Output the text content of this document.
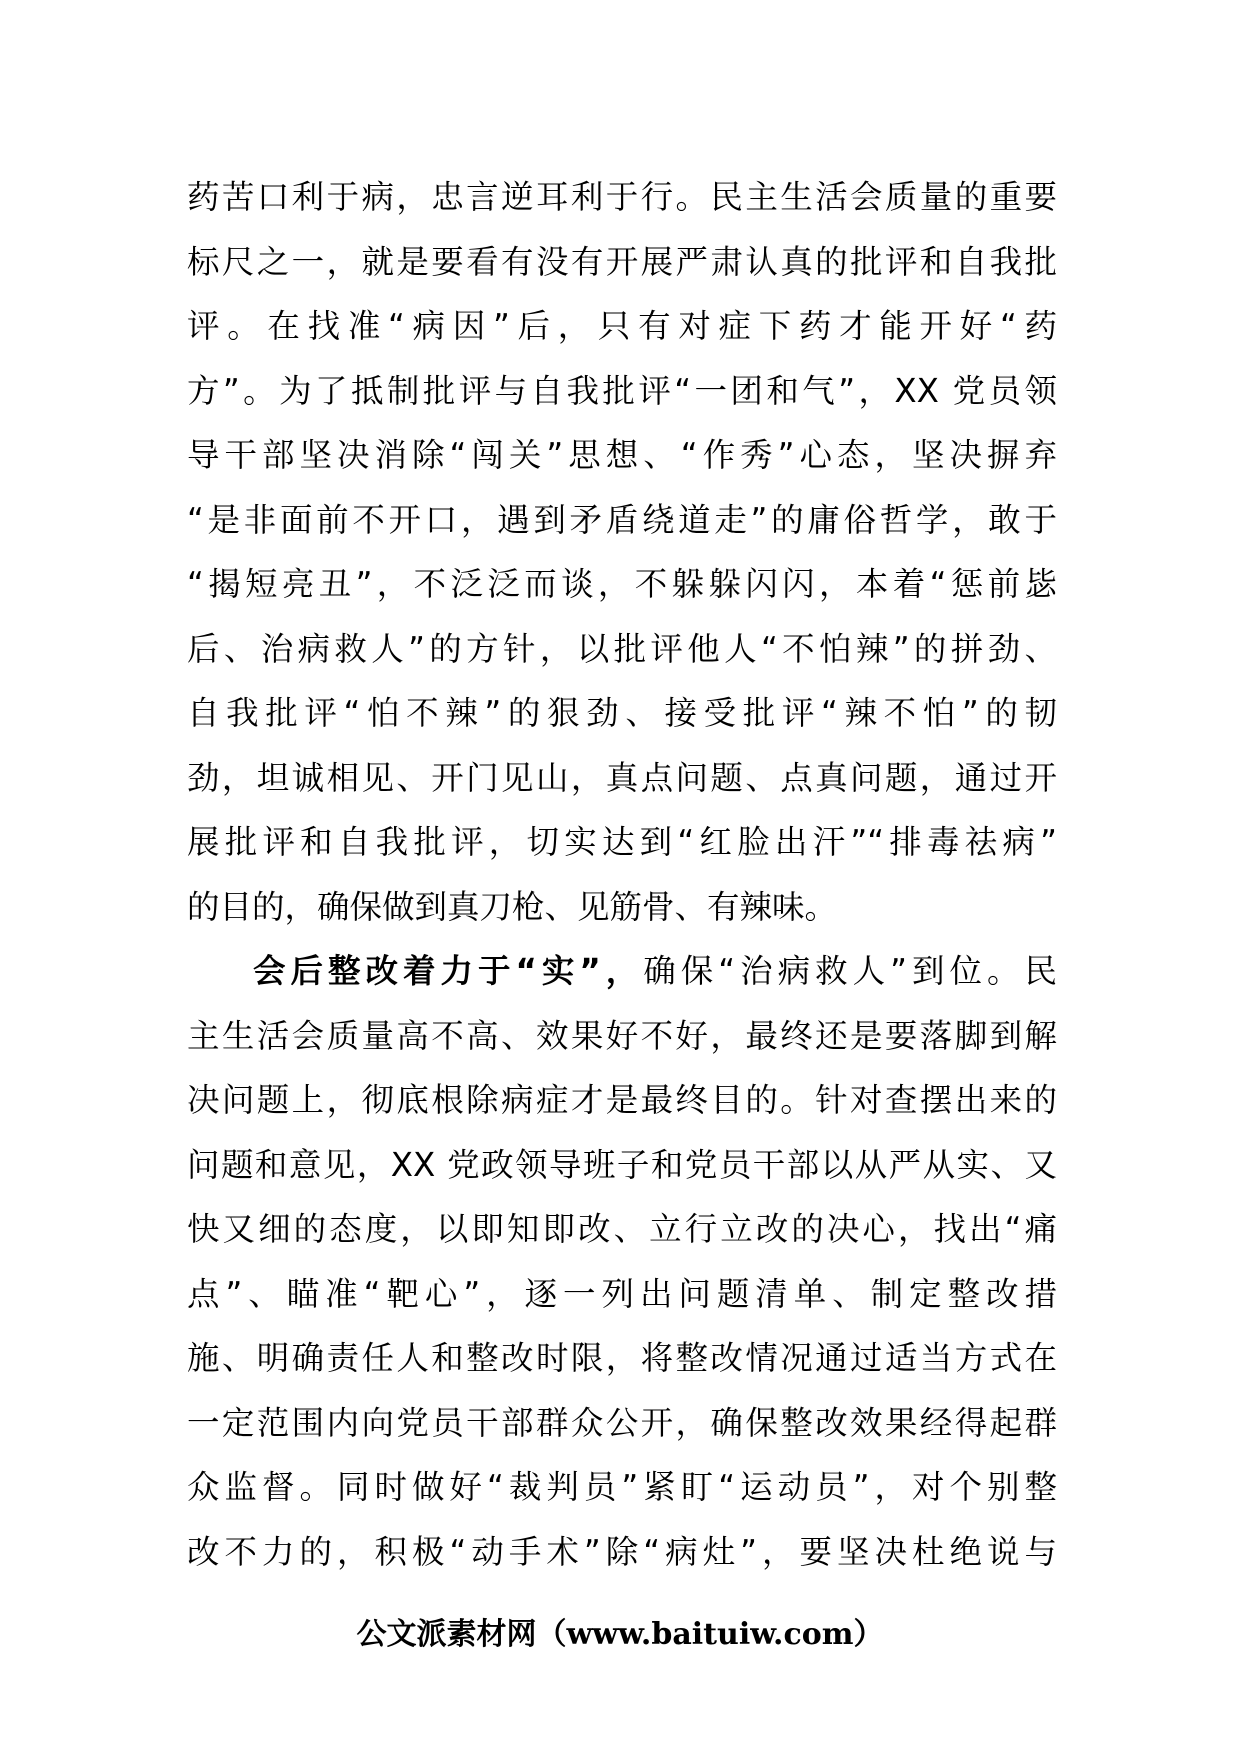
药苦口利于病，忠言逆耳利于行。民主生活会质量的重要
标尺之一，就是要看有没有开展严肃认真的批评和自我批
评。在找准“病因”后，只有对症下药才能开好“药
方”。为了抵制批评与自我批评“一团和气”，XX 党员领
导干部坚决消除“闯关”思想、“作秀”心态，坚决摒弃
“是非面前不开口，遇到矛盾绕道走”的庸俗哲学，敢于
“揭短亮丑”，不泛泛而谈，不躲躲闪闪，本着“惩前毖
后、治病救人”的方针，以批评他人“不怕辣”的拼劲、
自我批评“怕不辣”的狠劲、接受批评“辣不怕”的韧
劲，坦诚相见、开门见山，真点问题、点真问题，通过开
展批评和自我批评，切实达到“红脸出汗”“排毒祛病”
的目的，确保做到真刀枪、见筋骨、有辣味。
会后整改着力于“实”，确保“治病救人”到位。民
主生活会质量高不高、效果好不好，最终还是要落脚到解
决问题上，彻底根除病症才是最终目的。针对查摆出来的
问题和意见，XX 党政领导班子和党员干部以从严从实、又
快又细的态度，以即知即改、立行立改的决心，找出“痛
点”、瞄准“靶心”，逐一列出问题清单、制定整改措
施、明确责任人和整改时限，将整改情况通过适当方式在
一定范围内向党员干部群众公开，确保整改效果经得起群
众监督。同时做好“裁判员”紧盯“运动员”，对个别整
改不力的，积极“动手术”除“病灶”，要坚决杜绝说与
公文派素材网（www.baituiw.com）
